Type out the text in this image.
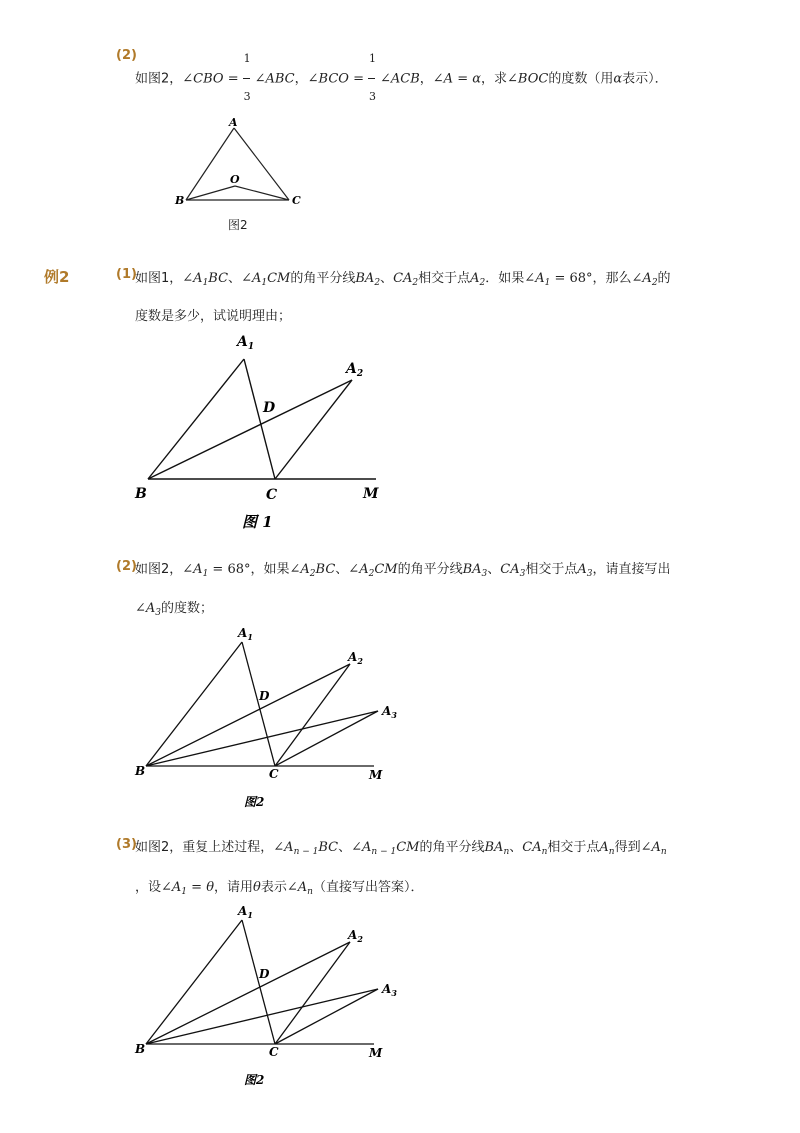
(2)
如图2，∠CBO = $\frac{1}{3}$ ∠ABC，∠BCO = $\frac{1}{3}$ ∠ACB，∠A = α，求∠BOC的度数（用α表示）．
A
B	C
O
图2
例2	(1)
如图1，$\angle A_1BC$、$\angle A_1CM$的角平分线$BA_2$、$CA_2$相交于点$A_2$．如果$\angle A_1 = 68^\circ$，那么$\angle A_2$的
度数是多少，试说明理由；
$A_1$
$A_2$
D
B	C	M
图 1
(2)
如图2，$\angle A_1 = 68^\circ$，如果$\angle A_2BC$、$\angle A_2CM$的角平分线$BA_3$、$CA_3$相交于点$A_3$，请直接写出
$\angle A_3$的度数；
$A_1$
$A_2$
$A_3$
D
B	C	M
图2
(3)
如图2，重复上述过程，$\angle A_{n - 1}BC$、$\angle A_{n - 1}CM$的角平分线$BA_n$、$CA_n$相交于点$A_n$得到$\angle A_n$
，设$\angle A_1 = \theta$，请用θ表示$\angle A_n$（直接写出答案）．
$A_1$
$A_2$
$A_3$
D
B	C	M
图2
